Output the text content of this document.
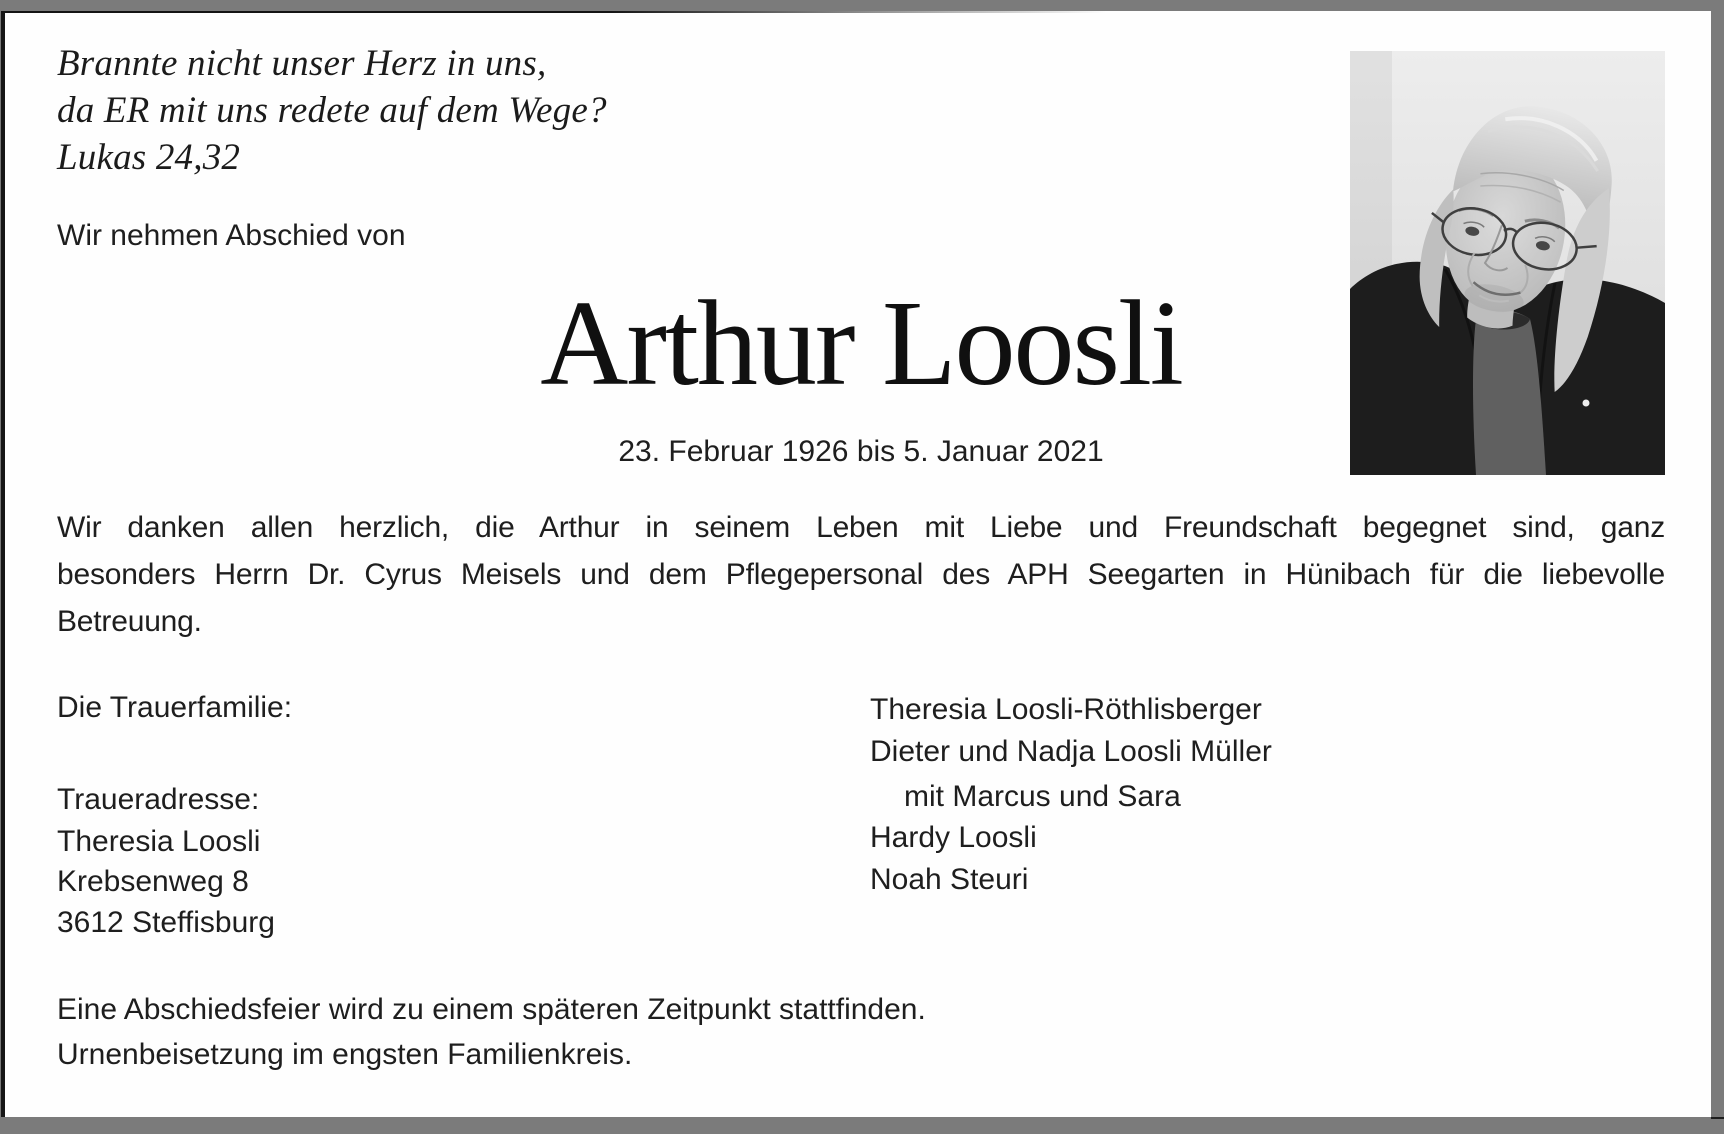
Brannte nicht unser Herz in uns,
da ER mit uns redete auf dem Wege?
Lukas 24,32
Wir nehmen Abschied von
Arthur Loosli
23. Februar 1926 bis 5. Januar 2021
Wir danken allen herzlich, die Arthur in seinem Leben mit Liebe und Freundschaft begegnet sind, ganz
besonders Herrn Dr. Cyrus Meisels und dem Pflegepersonal des APH Seegarten in Hünibach für die liebevolle
Betreuung.
Die Trauerfamilie:
Traueradresse:
Theresia Loosli
Krebsenweg 8
3612 Steffisburg
Theresia Loosli-Röthlisberger
Dieter und Nadja Loosli Müller
mit Marcus und Sara
Hardy Loosli
Noah Steuri
Eine Abschiedsfeier wird zu einem späteren Zeitpunkt stattfinden.
Urnenbeisetzung im engsten Familienkreis.
